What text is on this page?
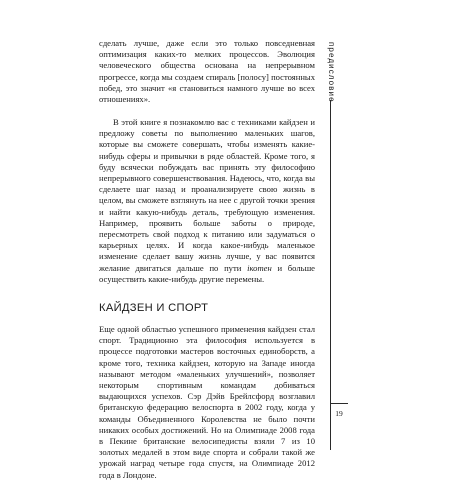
сделать лучше, даже если это только повседневная оптимизация каких-то мелких процессов. Эволюция человеческого общества основана на непрерывном прогрессе, когда мы создаем спираль [полосу] постоянных побед, это значит «я становиться намного лучше во всех отношениях».

В этой книге я познакомлю вас с техниками кайдзен и предложу советы по выполнению маленьких шагов, которые вы сможете совершать, чтобы изменять какие-нибудь сферы и привычки в ряде областей. Кроме того, я буду всячески побуждать вас принять эту философию непрерывного совершенствования. Надеюсь, что, когда вы сделаете шаг назад и проанализируете свою жизнь в целом, вы сможете взглянуть на нее с другой точки зрения и найти какую-нибудь деталь, требующую изменения. Например, проявить больше заботы о природе, пересмотреть свой подход к питанию или задуматься о карьерных целях. И когда какое-нибудь маленькое изменение сделает вашу жизнь лучше, у вас появится желание двигаться дальше по пути ікотен и больше осуществить какие-нибудь другие перемены.

КАЙДЗЕН И СПОРТ

Еще одной областью успешного применения кайдзен стал спорт. Традиционно эта философия используется в процессе подготовки мастеров восточных единоборств, а кроме того, техника кайдзен, которую на Западе иногда называют методом «маленьких улучшений», позволяет некоторым спортивным командам добиваться выдающихся успехов. Сэр Дэйв Брейлсфорд возглавил британскую федерацию велоспорта в 2002 году, когда у команды Объединенного Королевства не было почти никаких особых достижений. Но на Олимпиаде 2008 года в Пекине британские велосипедисты взяли 7 из 10 золотых медалей в этом виде спорта и собрали такой же урожай наград четыре года спустя, на Олимпиаде 2012 года в Лондоне.

предисловие
19
